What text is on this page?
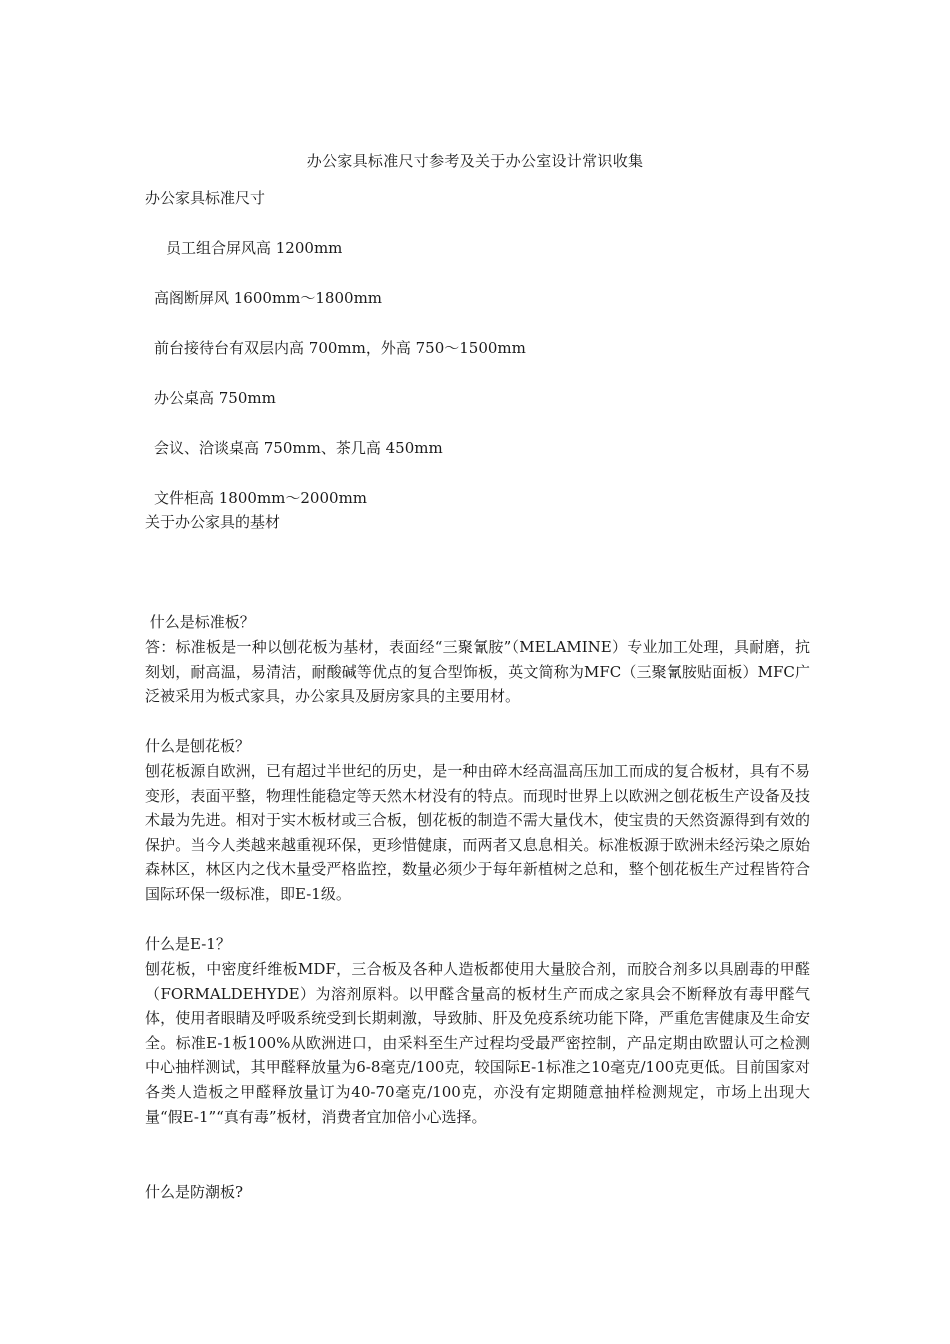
办公家具标准尺寸参考及关于办公室设计常识收集
办公家具标准尺寸
员工组合屏风高 1200mm
高阁断屏风 1600mm～1800mm
前台接待台有双层内高 700mm，外高 750～1500mm
办公桌高 750mm
会议、洽谈桌高 750mm、茶几高 450mm
文件柜高 1800mm～2000mm
关于办公家具的基材
什么是标准板？
答：标准板是一种以刨花板为基材，表面经“三聚氰胺”（MELAMINE）专业加工处理，具耐磨，抗刻划，耐高温，易清洁，耐酸碱等优点的复合型饰板，英文简称为MFC（三聚氰胺贴面板）MFC广泛被采用为板式家具，办公家具及厨房家具的主要用材。
什么是刨花板？
刨花板源自欧洲，已有超过半世纪的历史，是一种由碎木经高温高压加工而成的复合板材，具有不易变形，表面平整，物理性能稳定等天然木材没有的特点。而现时世界上以欧洲之刨花板生产设备及技术最为先进。相对于实木板材或三合板，刨花板的制造不需大量伐木，使宝贵的天然资源得到有效的保护。当今人类越来越重视环保，更珍惜健康，而两者又息息相关。标准板源于欧洲未经污染之原始森林区，林区内之伐木量受严格监控，数量必须少于每年新植树之总和，整个刨花板生产过程皆符合国际环保一级标准，即E-1级。
什么是E-1？
刨花板，中密度纤维板MDF，三合板及各种人造板都使用大量胶合剂，而胶合剂多以具剧毒的甲醛（FORMALDEHYDE）为溶剂原料。以甲醛含量高的板材生产而成之家具会不断释放有毒甲醛气体，使用者眼睛及呼吸系统受到长期刺激，导致肺、肝及免疫系统功能下降，严重危害健康及生命安全。标准E-1板100%从欧洲进口，由采料至生产过程均受最严密控制，产品定期由欧盟认可之检测中心抽样测试，其甲醛释放量为6-8毫克/100克，较国际E-1标准之10毫克/100克更低。目前国家对各类人造板之甲醛释放量订为40-70毫克/100克，亦没有定期随意抽样检测规定，市场上出现大量“假E-1”“真有毒”板材，消费者宜加倍小心选择。
什么是防潮板?
